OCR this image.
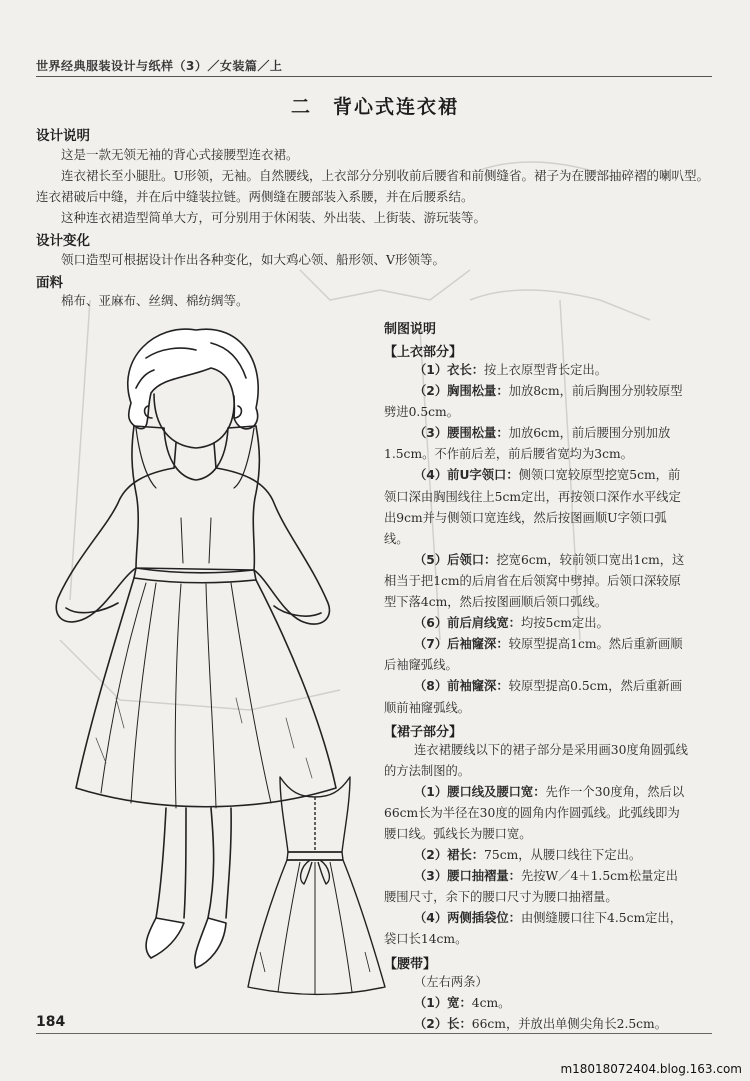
世界经典服装设计与纸样（3）／女装篇／上
二　背心式连衣裙
设计说明

这是一款无领无袖的背心式接腰型连衣裙。

连衣裙长至小腿肚。U形领，无袖。自然腰线，上衣部分分别收前后腰省和前侧缝省。裙子为在腰部抽碎褶的喇叭型。连衣裙破后中缝，并在后中缝装拉链。两侧缝在腰部装入系腰，并在后腰系结。

这种连衣裙造型简单大方，可分别用于休闲装、外出装、上街装、游玩装等。

设计变化

领口造型可根据设计作出各种变化，如大鸡心领、船形领、V形领等。

面料

棉布、亚麻布、丝绸、棉纺绸等。

制图说明
【上衣部分】

（1）衣长：按上衣原型背长定出。

（2）胸围松量：加放8cm，前后胸围分别较原型劈进0.5cm。

（3）腰围松量：加放6cm，前后腰围分别加放1.5cm。不作前后差，前后腰省宽均为3cm。

（4）前U字领口：侧领口宽较原型挖宽5cm，前领口深由胸围线往上5cm定出，再按领口深作水平线定出9cm并与侧领口宽连线，然后按图画顺U字领口弧线。

（5）后领口：挖宽6cm，较前领口宽出1cm，这相当于把1cm的后肩省在后领窝中劈掉。后领口深较原型下落4cm，然后按图画顺后领口弧线。

（6）前后肩线宽：均按5cm定出。

（7）后袖窿深：较原型提高1cm。然后重新画顺后袖窿弧线。

（8）前袖窿深：较原型提高0.5cm，然后重新画顺前袖窿弧线。

【裙子部分】

连衣裙腰线以下的裙子部分是采用画30度角圆弧线的方法制图的。

（1）腰口线及腰口宽：先作一个30度角，然后以66cm长为半径在30度的圆角内作圆弧线。此弧线即为腰口线。弧线长为腰口宽。

（2）裙长：75cm，从腰口线往下定出。

（3）腰口抽褶量：先按W／4＋1.5cm松量定出腰围尺寸，余下的腰口尺寸为腰口抽褶量。

（4）两侧插袋位：由侧缝腰口往下4.5cm定出，袋口长14cm。

【腰带】

（左右两条）

（1）宽：4cm。

（2）长：66cm，并放出单侧尖角长2.5cm。

184
m18018072404.blog.163.com
